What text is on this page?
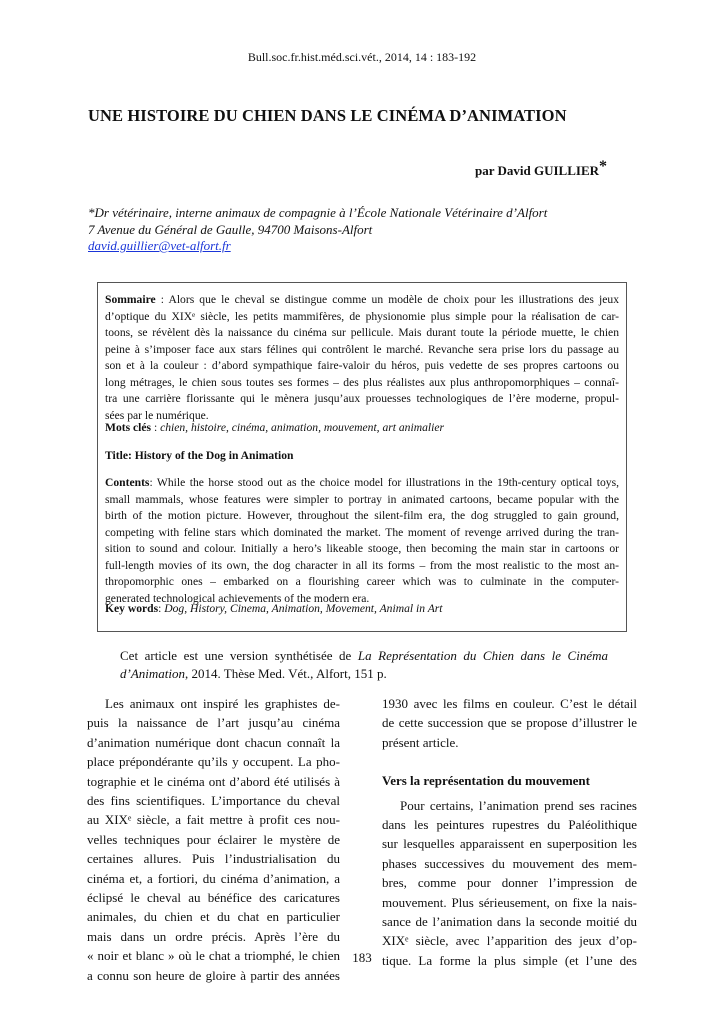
Bull.soc.fr.hist.méd.sci.vét., 2014, 14 : 183-192
UNE HISTOIRE DU CHIEN DANS LE CINÉMA D’ANIMATION
par David GUILLIER*
*Dr vétérinaire, interne animaux de compagnie à l’École Nationale Vétérinaire d’Alfort
7 Avenue du Général de Gaulle, 94700 Maisons-Alfort
david.guillier@vet-alfort.fr
Sommaire : Alors que le cheval se distingue comme un modèle de choix pour les illustrations des jeux
d’optique du XIXᵉ siècle, les petits mammifères, de physionomie plus simple pour la réalisation de car-
toons, se révèlent dès la naissance du cinéma sur pellicule. Mais durant toute la période muette, le chien
peine à s’imposer face aux stars félines qui contrôlent le marché. Revanche sera prise lors du passage au
son et à la couleur : d’abord sympathique faire-valoir du héros, puis vedette de ses propres cartoons ou
long métrages, le chien sous toutes ses formes – des plus réalistes aux plus anthropomorphiques – connaî-
tra une carrière florissante qui le mènera jusqu’aux prouesses technologiques de l’ère moderne, propul-
sées par le numérique.
Mots clés : chien, histoire, cinéma, animation, mouvement, art animalier
Title: History of the Dog in Animation
Contents: While the horse stood out as the choice model for illustrations in the 19th-century optical toys,
small mammals, whose features were simpler to portray in animated cartoons, became popular with the
birth of the motion picture. However, throughout the silent-film era, the dog struggled to gain ground,
competing with feline stars which dominated the market. The moment of revenge arrived during the tran-
sition to sound and colour. Initially a hero’s likeable stooge, then becoming the main star in cartoons or
full-length movies of its own, the dog character in all its forms – from the most realistic to the most an-
thropomorphic ones – embarked on a flourishing career which was to culminate in the computer-
generated technological achievements of the modern era.
Key words: Dog, History, Cinema, Animation, Movement, Animal in Art
Cet article est une version synthétisée de La Représentation du Chien dans le Cinéma
d’Animation, 2014. Thèse Med. Vét., Alfort, 151 p.
Les animaux ont inspiré les graphistes de-
puis la naissance de l’art jusqu’au cinéma
d’animation numérique dont chacun connaît la
place prépondérante qu’ils y occupent. La pho-
tographie et le cinéma ont d’abord été utilisés à
des fins scientifiques. L’importance du cheval
au XIXᵉ siècle, a fait mettre à profit ces nou-
velles techniques pour éclairer le mystère de
certaines allures. Puis l’industrialisation du
cinéma et, a fortiori, du cinéma d’animation, a
éclipsé le cheval au bénéfice des caricatures
animales, du chien et du chat en particulier
mais dans un ordre précis. Après l’ère du
« noir et blanc » où le chat a triomphé, le chien
a connu son heure de gloire à partir des années
1930 avec les films en couleur. C’est le détail
de cette succession que se propose d’illustrer le
présent article.
Vers la représentation du mouvement
Pour certains, l’animation prend ses racines
dans les peintures rupestres du Paléolithique
sur lesquelles apparaissent en superposition les
phases successives du mouvement des mem-
bres, comme pour donner l’impression de
mouvement. Plus sérieusement, on fixe la nais-
sance de l’animation dans la seconde moitié du
XIXᵉ siècle, avec l’apparition des jeux d’op-
tique. La forme la plus simple (et l’une des
183
